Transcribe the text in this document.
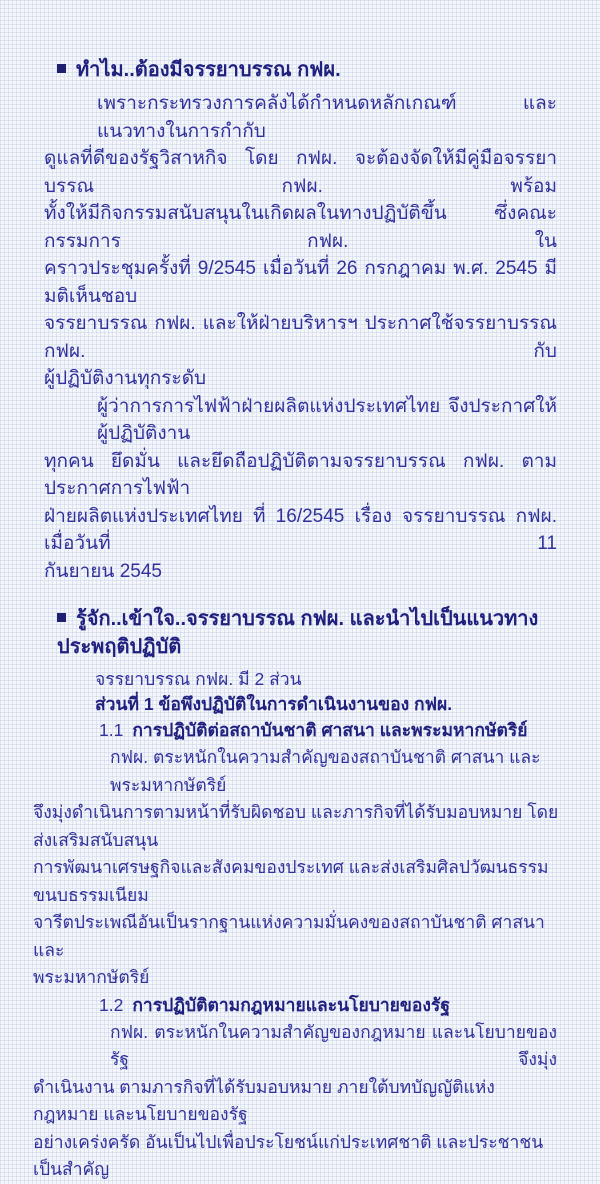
ทำไม..ต้องมีจรรยาบรรณ กฟผ.
เพราะกระทรวงการคลังได้กำหนดหลักเกณฑ์ และแนวทางในการกำกับ
ดูแลที่ดีของรัฐวิสาหกิจ โดย กฟผ. จะต้องจัดให้มีคู่มือจรรยาบรรณ กฟผ. พร้อม
ทั้งให้มีกิจกรรมสนับสนุนในเกิดผลในทางปฏิบัติขึ้น ซึ่งคณะกรรมการ กฟผ. ใน
คราวประชุมครั้งที่ 9/2545 เมื่อวันที่ 26 กรกฎาคม พ.ศ. 2545 มีมติเห็นชอบ
จรรยาบรรณ กฟผ. และให้ฝ่ายบริหารฯ ประกาศใช้จรรยาบรรณ กฟผ. กับ
ผู้ปฏิบัติงานทุกระดับ
ผู้ว่าการการไฟฟ้าฝ่ายผลิตแห่งประเทศไทย จึงประกาศให้ผู้ปฏิบัติงาน
ทุกคน ยึดมั่น และยึดถือปฏิบัติตามจรรยาบรรณ กฟผ. ตามประกาศการไฟฟ้า
ฝ่ายผลิตแห่งประเทศไทย ที่ 16/2545 เรื่อง จรรยาบรรณ กฟผ. เมื่อวันที่ 11
กันยายน 2545
รู้จัก..เข้าใจ..จรรยาบรรณ กฟผ. และนำไปเป็นแนวทางประพฤติปฏิบัติ
จรรยาบรรณ กฟผ. มี 2 ส่วน
ส่วนที่ 1 ข้อพึงปฏิบัติในการดำเนินงานของ กฟผ.
1.1 การปฏิบัติต่อสถาบันชาติ ศาสนา และพระมหากษัตริย์
กฟผ. ตระหนักในความสำคัญของสถาบันชาติ ศาสนา และพระมหากษัตริย์
จึงมุ่งดำเนินการตามหน้าที่รับผิดชอบ และภารกิจที่ได้รับมอบหมาย โดยส่งเสริมสนับสนุน
การพัฒนาเศรษฐกิจและสังคมของประเทศ และส่งเสริมศิลปวัฒนธรรม ขนบธรรมเนียม
จารีตประเพณีอันเป็นรากฐานแห่งความมั่นคงของสถาบันชาติ ศาสนา และ
พระมหากษัตริย์
1.2 การปฏิบัติตามกฎหมายและนโยบายของรัฐ
กฟผ. ตระหนักในความสำคัญของกฎหมาย และนโยบายของรัฐ จึงมุ่ง
ดำเนินงาน ตามภารกิจที่ได้รับมอบหมาย ภายใต้บทบัญญัติแห่งกฎหมาย และนโยบายของรัฐ
อย่างเคร่งครัด อันเป็นไปเพื่อประโยชน์แก่ประเทศชาติ และประชาชนเป็นสำคัญ
